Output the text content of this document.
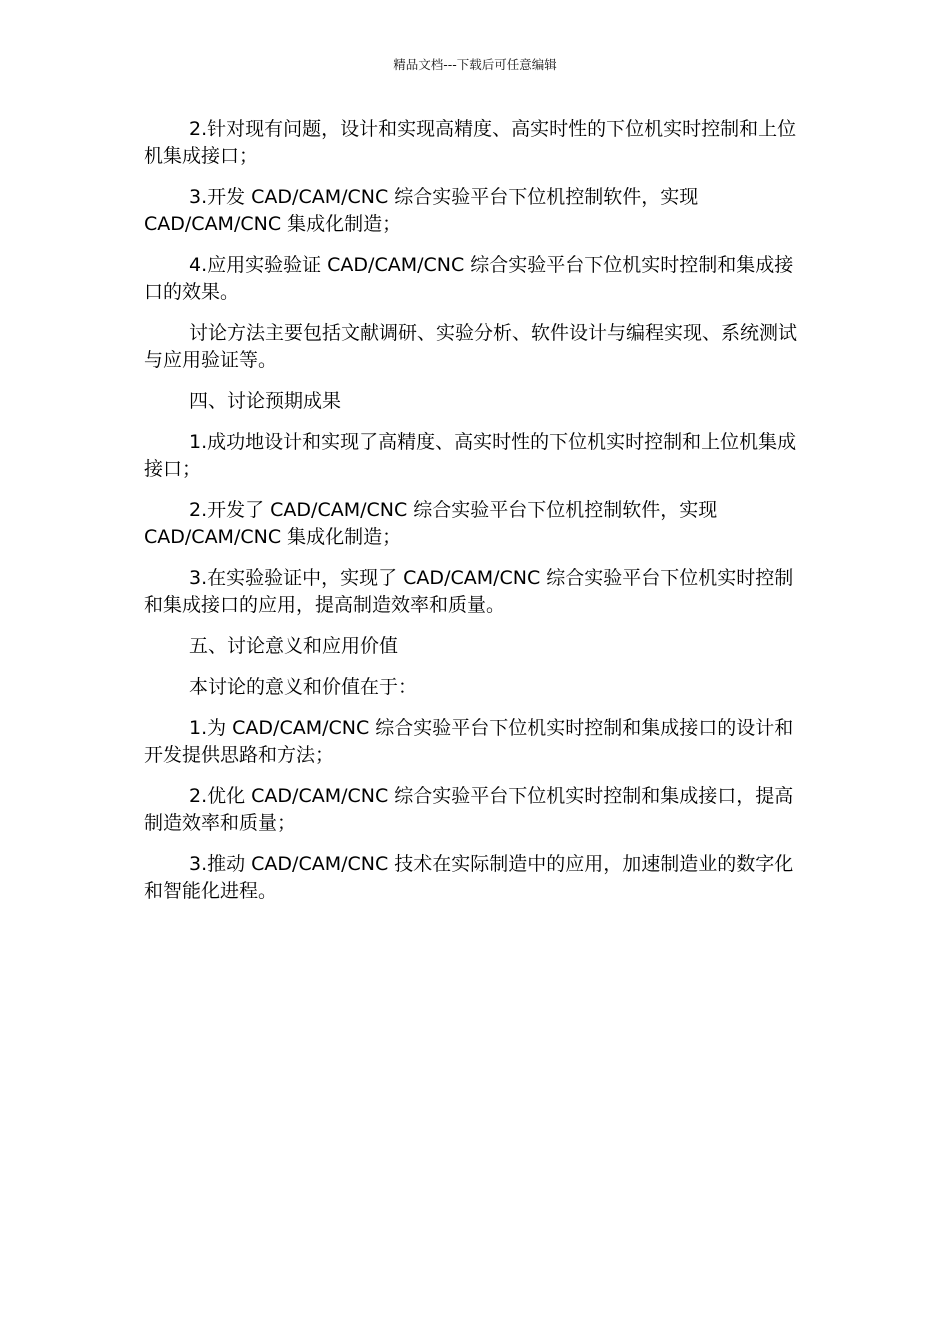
精品文档---下载后可任意编辑

2.针对现有问题，设计和实现高精度、高实时性的下位机实时控制和上位机集成接口；

3.开发 CAD/CAM/CNC 综合实验平台下位机控制软件，实现 CAD/CAM/CNC 集成化制造；

4.应用实验验证 CAD/CAM/CNC 综合实验平台下位机实时控制和集成接口的效果。

讨论方法主要包括文献调研、实验分析、软件设计与编程实现、系统测试与应用验证等。

四、讨论预期成果

1.成功地设计和实现了高精度、高实时性的下位机实时控制和上位机集成接口；

2.开发了 CAD/CAM/CNC 综合实验平台下位机控制软件，实现 CAD/CAM/CNC 集成化制造；

3.在实验验证中，实现了 CAD/CAM/CNC 综合实验平台下位机实时控制和集成接口的应用，提高制造效率和质量。

五、讨论意义和应用价值

本讨论的意义和价值在于：

1.为 CAD/CAM/CNC 综合实验平台下位机实时控制和集成接口的设计和开发提供思路和方法；

2.优化 CAD/CAM/CNC 综合实验平台下位机实时控制和集成接口，提高制造效率和质量；

3.推动 CAD/CAM/CNC 技术在实际制造中的应用，加速制造业的数字化和智能化进程。
